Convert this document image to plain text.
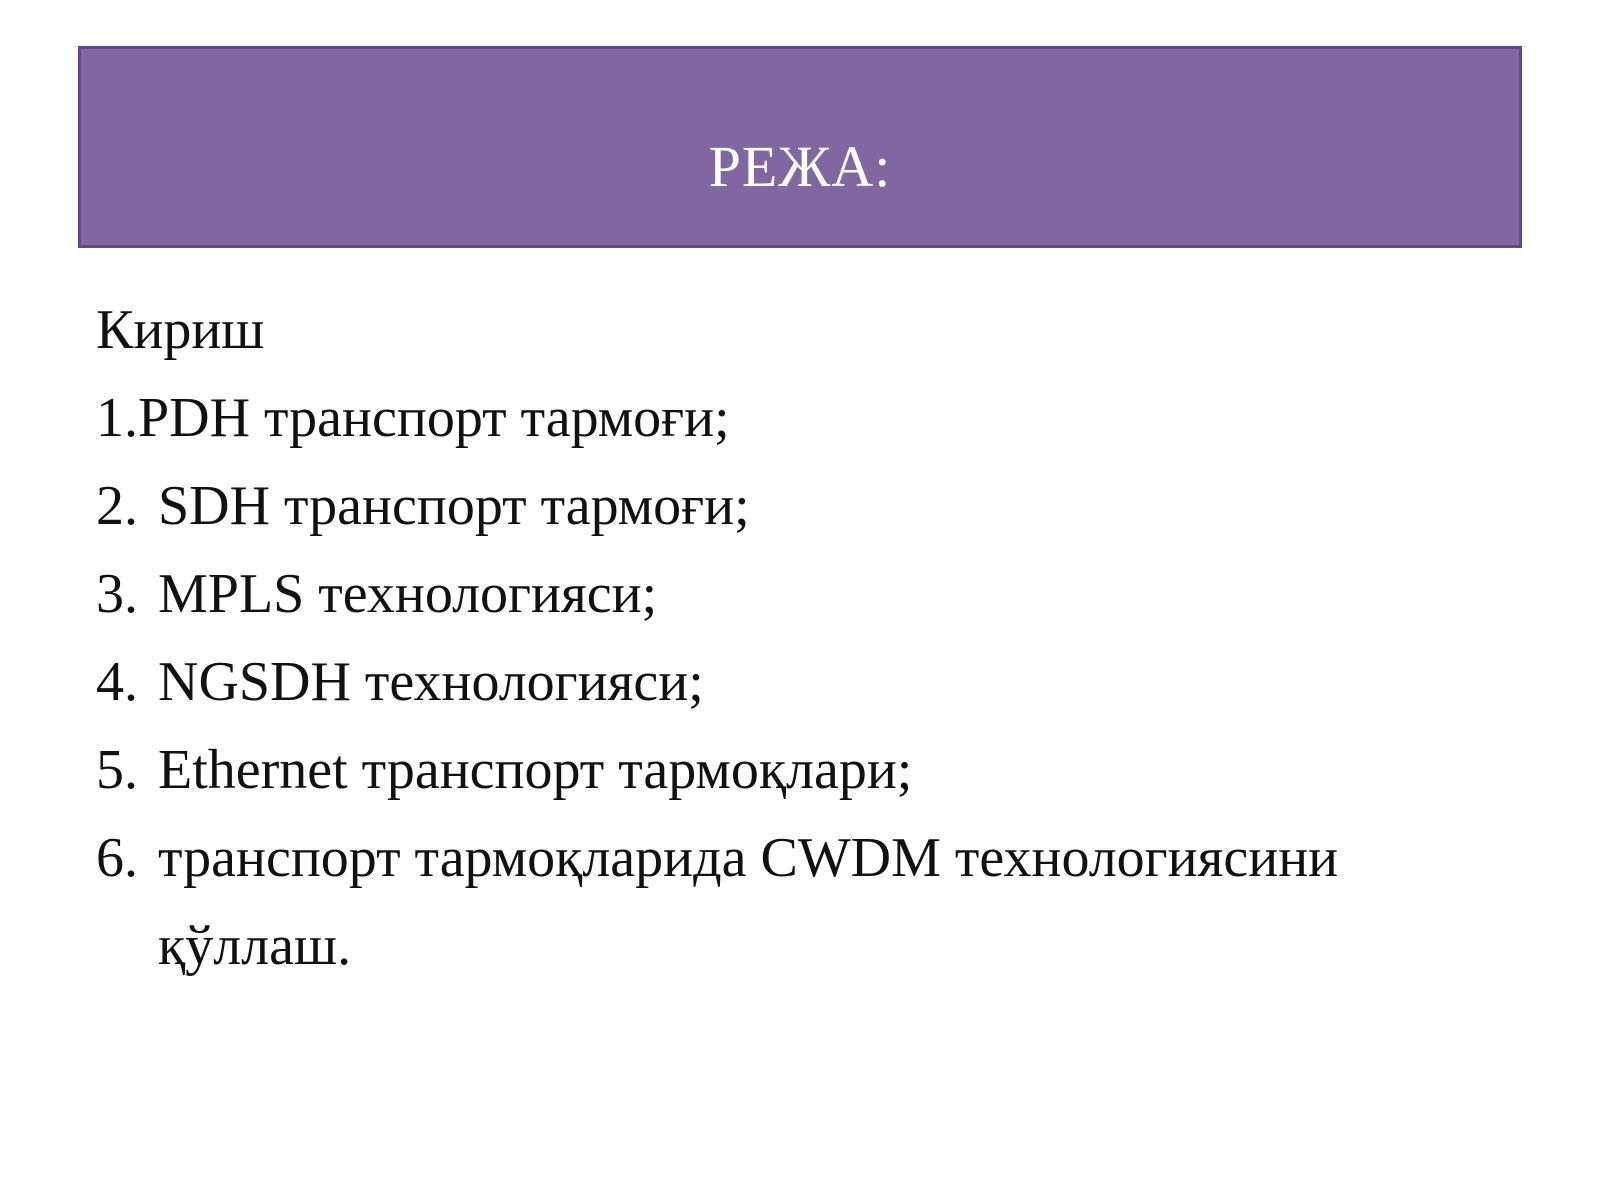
РЕЖА:
Кириш
1. PDH транспорт тармоғи;
2. SDH транспорт тармоғи;
3. MPLS технологияси;
4. NGSDH технологияси;
5. Ethernet транспорт тармоқлари;
6. транспорт тармоқларида CWDM технологиясини қўллаш.
